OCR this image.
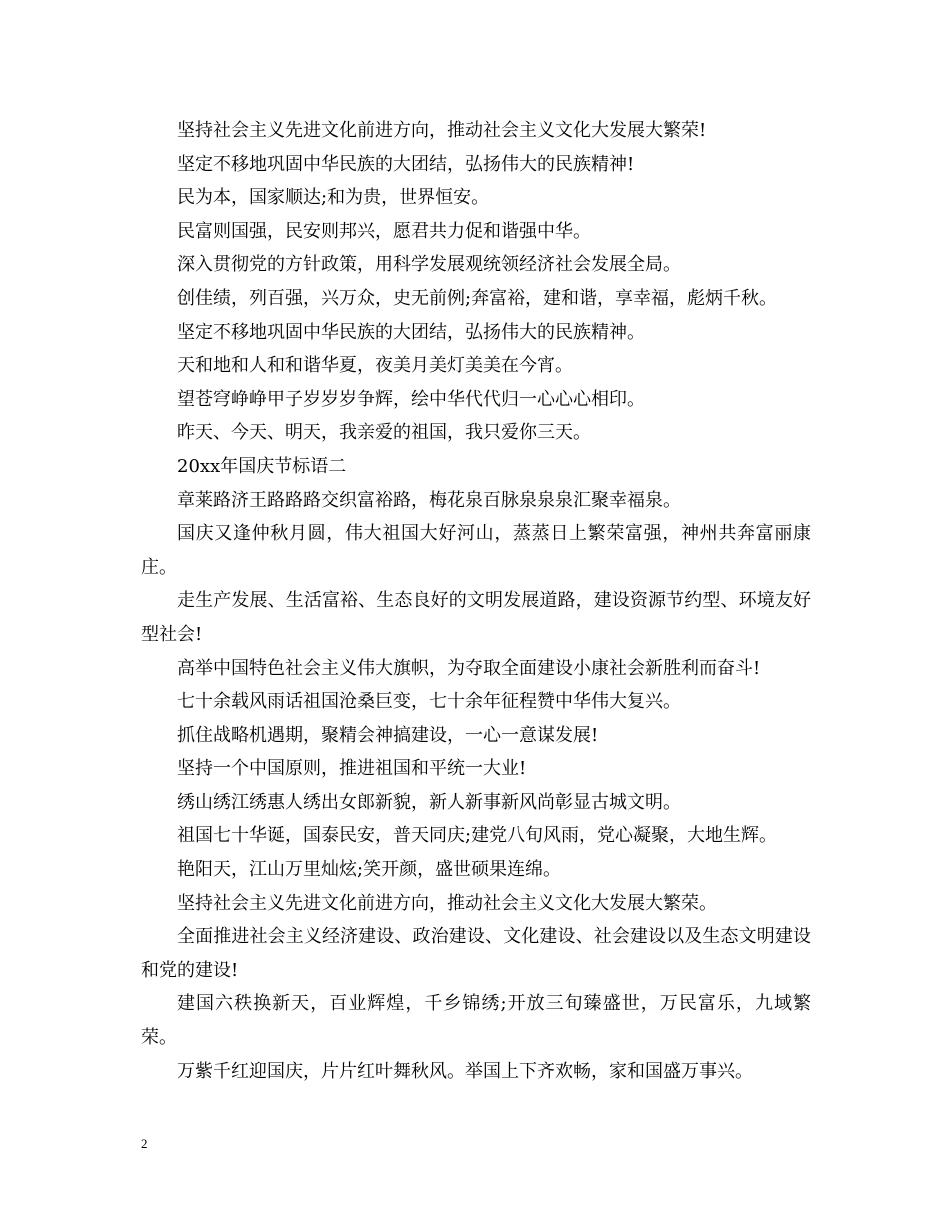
坚持社会主义先进文化前进方向，推动社会主义文化大发展大繁荣!

坚定不移地巩固中华民族的大团结，弘扬伟大的民族精神!

民为本，国家顺达;和为贵，世界恒安。

民富则国强，民安则邦兴，愿君共力促和谐强中华。

深入贯彻党的方针政策，用科学发展观统领经济社会发展全局。

创佳绩，列百强，兴万众，史无前例;奔富裕，建和谐，享幸福，彪炳千秋。

坚定不移地巩固中华民族的大团结，弘扬伟大的民族精神。

天和地和人和和谐华夏，夜美月美灯美美在今宵。

望苍穹峥峥甲子岁岁岁争辉，绘中华代代归一心心心相印。

昨天、今天、明天，我亲爱的祖国，我只爱你三天。

20xx年国庆节标语二

章莱路济王路路路交织富裕路，梅花泉百脉泉泉泉汇聚幸福泉。

国庆又逢仲秋月圆，伟大祖国大好河山，蒸蒸日上繁荣富强，神州共奔富丽康庄。

走生产发展、生活富裕、生态良好的文明发展道路，建设资源节约型、环境友好型社会!

高举中国特色社会主义伟大旗帜，为夺取全面建设小康社会新胜利而奋斗!

七十余载风雨话祖国沧桑巨变，七十余年征程赞中华伟大复兴。

抓住战略机遇期，聚精会神搞建设，一心一意谋发展!

坚持一个中国原则，推进祖国和平统一大业!

绣山绣江绣惠人绣出女郎新貌，新人新事新风尚彰显古城文明。

祖国七十华诞，国泰民安，普天同庆;建党八旬风雨，党心凝聚，大地生辉。

艳阳天，江山万里灿炫;笑开颜，盛世硕果连绵。

坚持社会主义先进文化前进方向，推动社会主义文化大发展大繁荣。

全面推进社会主义经济建设、政治建设、文化建设、社会建设以及生态文明建设和党的建设!

建国六秩换新天，百业辉煌，千乡锦绣;开放三旬臻盛世，万民富乐，九域繁荣。

万紫千红迎国庆，片片红叶舞秋风。举国上下齐欢畅，家和国盛万事兴。

2
